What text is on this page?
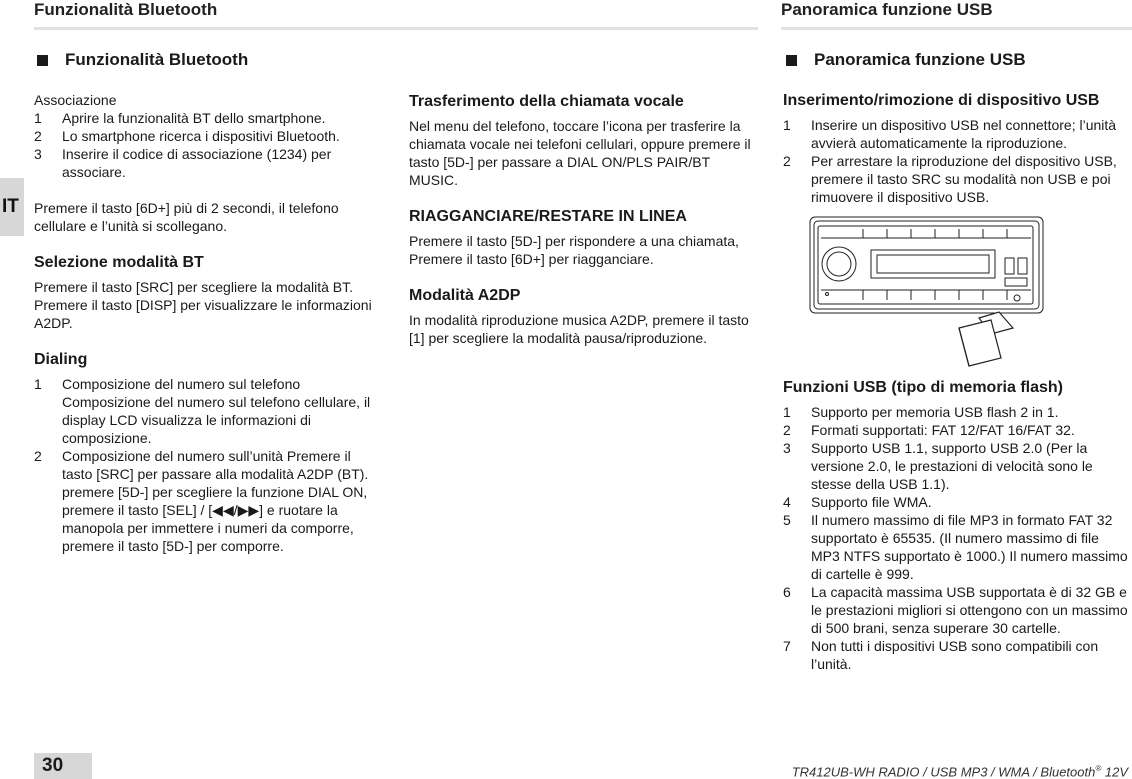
Funzionalità Bluetooth	Panoramica funzione USB
IT
Funzionalità Bluetooth

Associazione

1 Aprire la funzionalità BT dello smartphone.
2 Lo smartphone ricerca i dispositivi Bluetooth.
3 Inserire il codice di associazione (1234) per associare.

Premere il tasto [6D+] più di 2 secondi, il telefono cellulare e l’unità si scollegano.

Selezione modalità BT

Premere il tasto [SRC] per scegliere la modalità BT.

Premere il tasto [DISP] per visualizzare le informazioni A2DP.

Dialing
1 Composizione del numero sul telefono Composizione del numero sul telefono cellulare, il display LCD visualizza le informazioni di composizione.
2 Composizione del numero sull’unità Premere il tasto [SRC] per passare alla modalità A2DP (BT).
premere [5D-] per scegliere la funzione DIAL ON, premere il tasto [SEL] / [◀◀/▶▶] e ruotare la manopola per immettere i numeri da comporre, premere il tasto [5D-] per comporre.
Trasferimento della chiamata vocale

Nel menu del telefono, toccare l’icona per trasferire la chiamata vocale nei telefoni cellulari, oppure premere il tasto [5D-] per passare a DIAL ON/PLS PAIR/BT MUSIC.

RIAGGANCIARE/RESTARE IN LINEA

Premere il tasto [5D-] per rispondere a una chiamata,

Premere il tasto [6D+] per riagganciare.

Modalità A2DP

In modalità riproduzione musica A2DP, premere il tasto [1] per scegliere la modalità pausa/riproduzione.

Panoramica funzione USB
Inserimento/rimozione di dispositivo USB
1 Inserire un dispositivo USB nel connettore; l’unità avvierà automaticamente la riproduzione.
2 Per arrestare la riproduzione del dispositivo USB, premere il tasto SRC su modalità non USB e poi rimuovere il dispositivo USB.
Funzioni USB (tipo di memoria flash)
1 Supporto per memoria USB flash 2 in 1.
2 Formati supportati: FAT 12/FAT 16/FAT 32.
3 Supporto USB 1.1, supporto USB 2.0 (Per la versione 2.0, le prestazioni di velocità sono le stesse della USB 1.1).
4 Supporto file WMA.
5 Il numero massimo di file MP3 in formato FAT 32 supportato è 65535. (Il numero massimo di file MP3 NTFS supportato è 1000.) Il numero massimo di cartelle è 999.
6 La capacità massima USB supportata è di 32 GB e le prestazioni migliori si ottengono con un massimo di 500 brani, senza superare 30 cartelle.
7 Non tutti i dispositivi USB sono compatibili con l’unità.
30	TR412UB-WH RADIO / USB MP3 / WMA / Bluetooth® 12V
